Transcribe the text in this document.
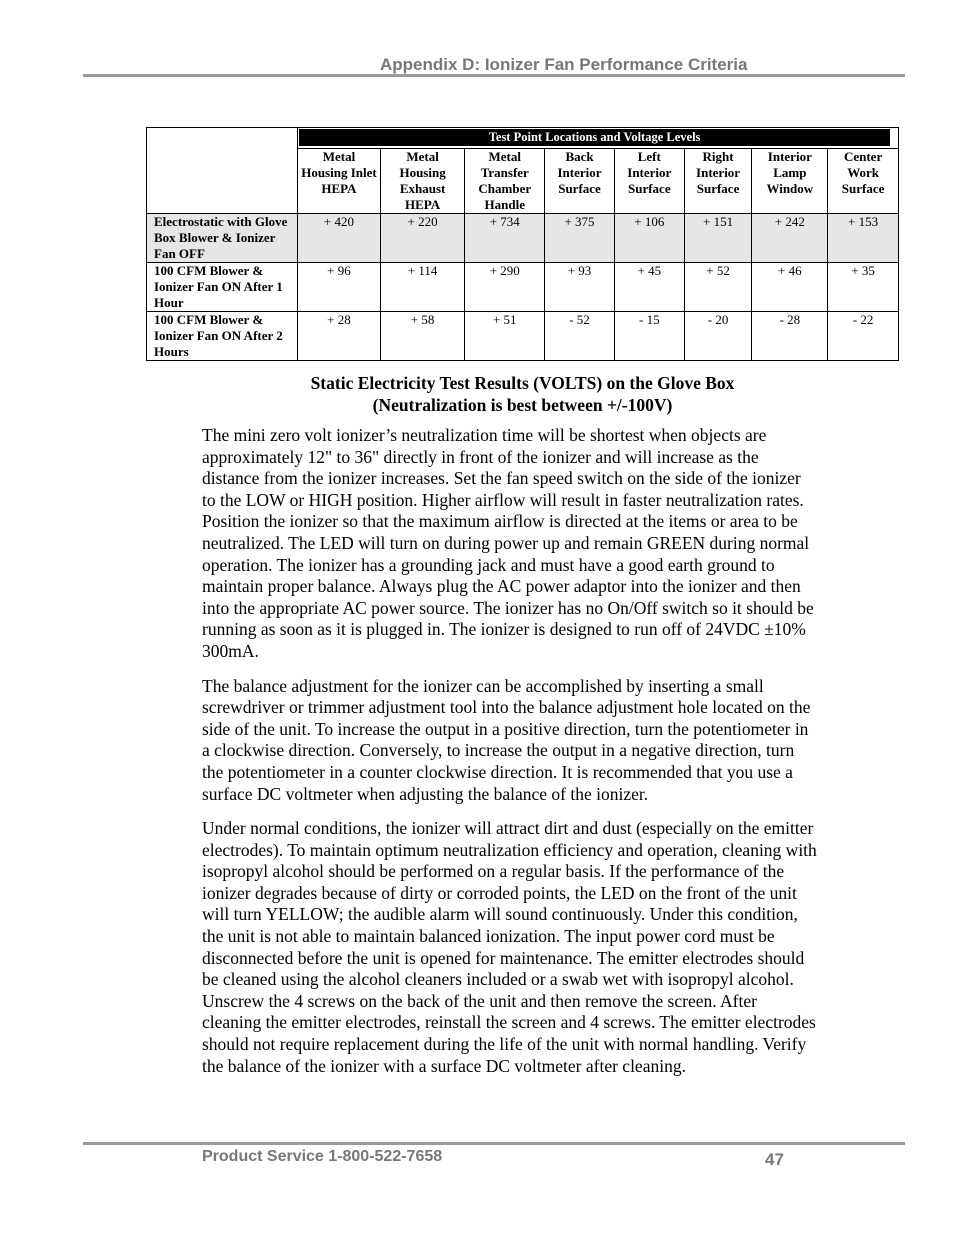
Appendix D: Ionizer Fan Performance Criteria

	Test Point Locations and Voltage Levels							

	Metal Housing Inlet HEPA	Metal Housing Exhaust HEPA	Metal Transfer Chamber Handle	Back Interior Surface	Left Interior Surface	Right Interior Surface	Interior Lamp Window	Center Work Surface
Electrostatic with Glove Box Blower & Ionizer Fan OFF	+ 420	+ 220	+ 734	+ 375	+ 106	+ 151	+ 242	+ 153
100 CFM Blower & Ionizer Fan ON After 1 Hour	+ 96	+ 114	+ 290	+ 93	+ 45	+ 52	+ 46	+ 35
100 CFM Blower & Ionizer Fan ON After 2 Hours	+ 28	+ 58	+ 51	- 52	- 15	- 20	- 28	- 22
Static Electricity Test Results (VOLTS) on the Glove Box
(Neutralization is best between +/-100V)

The mini zero volt ionizer’s neutralization time will be shortest when objects are approximately 12" to 36" directly in front of the ionizer and will increase as the distance from the ionizer increases. Set the fan speed switch on the side of the ionizer to the LOW or HIGH position. Higher airflow will result in faster neutralization rates. Position the ionizer so that the maximum airflow is directed at the items or area to be neutralized. The LED will turn on during power up and remain GREEN during normal operation. The ionizer has a grounding jack and must have a good earth ground to maintain proper balance. Always plug the AC power adaptor into the ionizer and then into the appropriate AC power source. The ionizer has no On/Off switch so it should be running as soon as it is plugged in. The ionizer is designed to run off of 24VDC ±10% 300mA.

The balance adjustment for the ionizer can be accomplished by inserting a small screwdriver or trimmer adjustment tool into the balance adjustment hole located on the side of the unit. To increase the output in a positive direction, turn the potentiometer in a clockwise direction. Conversely, to increase the output in a negative direction, turn the potentiometer in a counter clockwise direction. It is recommended that you use a surface DC voltmeter when adjusting the balance of the ionizer.

Under normal conditions, the ionizer will attract dirt and dust (especially on the emitter electrodes). To maintain optimum neutralization efficiency and operation, cleaning with isopropyl alcohol should be performed on a regular basis. If the performance of the ionizer degrades because of dirty or corroded points, the LED on the front of the unit will turn YELLOW; the audible alarm will sound continuously. Under this condition, the unit is not able to maintain balanced ionization. The input power cord must be disconnected before the unit is opened for maintenance. The emitter electrodes should be cleaned using the alcohol cleaners included or a swab wet with isopropyl alcohol. Unscrew the 4 screws on the back of the unit and then remove the screen. After cleaning the emitter electrodes, reinstall the screen and 4 screws. The emitter electrodes should not require replacement during the life of the unit with normal handling. Verify the balance of the ionizer with a surface DC voltmeter after cleaning.

Product Service 1-800-522-7658	47
